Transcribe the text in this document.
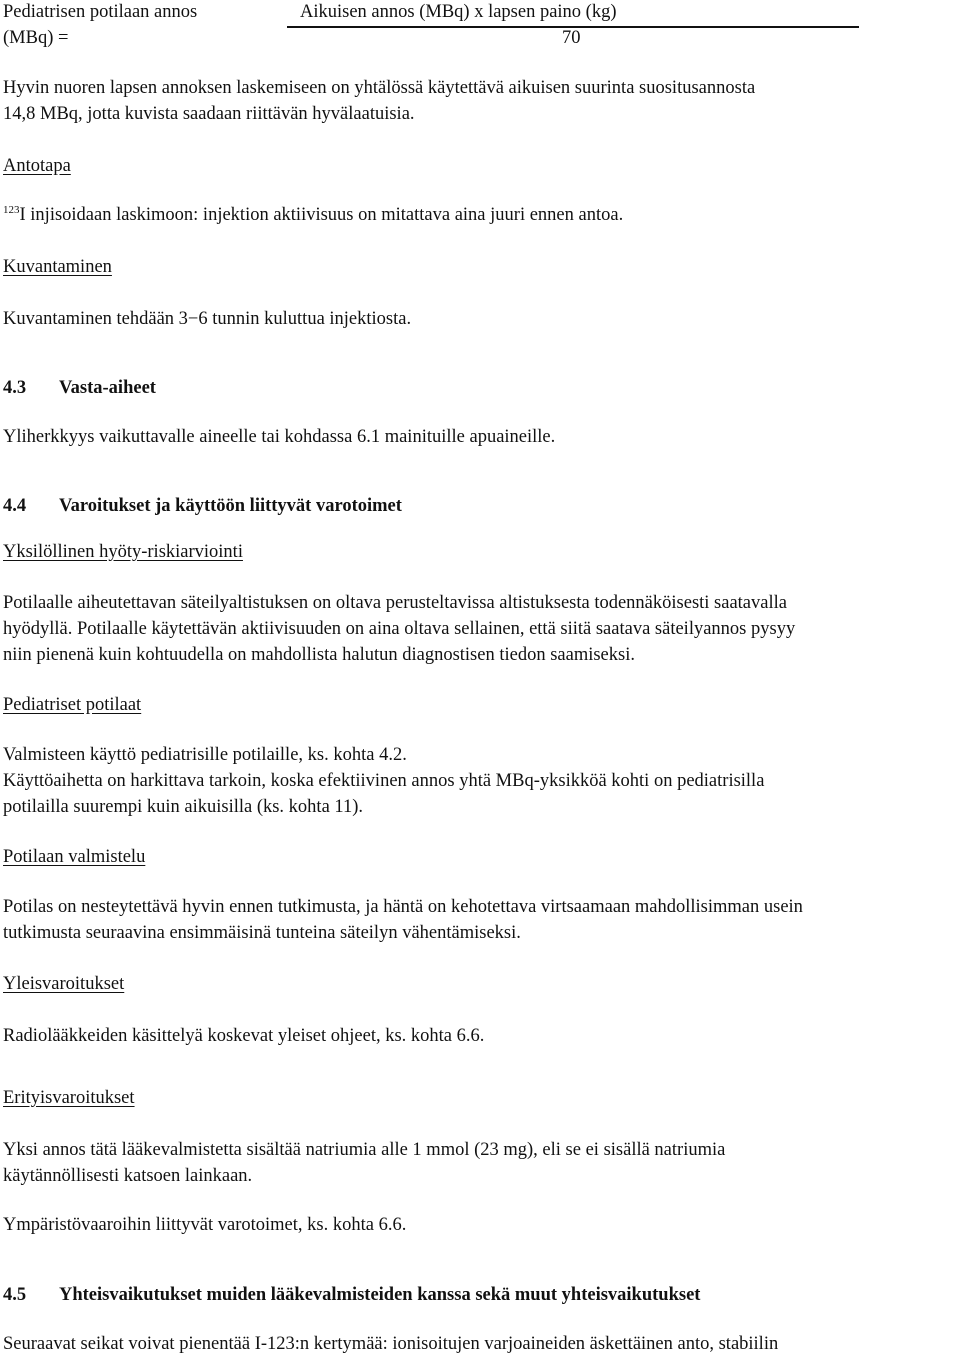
Pediatrisen potilaan annos
(MBq) =
Aikuisen annos (MBq) x lapsen paino (kg)
70
Hyvin nuoren lapsen annoksen laskemiseen on yhtälössä käytettävä aikuisen suurinta suositusannosta
14,8 MBq, jotta kuvista saadaan riittävän hyvälaatuisia.
Antotapa
$^{123}$I injisoidaan laskimoon: injektion aktiivisuus on mitattava aina juuri ennen antoa.
Kuvantaminen
Kuvantaminen tehdään 3−6 tunnin kuluttua injektiosta.
4.3 Vasta-aiheet
Yliherkkyys vaikuttavalle aineelle tai kohdassa 6.1 mainituille apuaineille.
4.4 Varoitukset ja käyttöön liittyvät varotoimet
Yksilöllinen hyöty-riskiarviointi
Potilaalle aiheutettavan säteilyaltistuksen on oltava perusteltavissa altistuksesta todennäköisesti saatavalla
hyödyllä. Potilaalle käytettävän aktiivisuuden on aina oltava sellainen, että siitä saatava säteilyannos pysyy
niin pienenä kuin kohtuudella on mahdollista halutun diagnostisen tiedon saamiseksi.
Pediatriset potilaat
Valmisteen käyttö pediatrisille potilaille, ks. kohta 4.2.
Käyttöaihetta on harkittava tarkoin, koska efektiivinen annos yhtä MBq-yksikköä kohti on pediatrisilla
potilailla suurempi kuin aikuisilla (ks. kohta 11).
Potilaan valmistelu
Potilas on nesteytettävä hyvin ennen tutkimusta, ja häntä on kehotettava virtsaamaan mahdollisimman usein
tutkimusta seuraavina ensimmäisinä tunteina säteilyn vähentämiseksi.
Yleisvaroitukset
Radiolääkkeiden käsittelyä koskevat yleiset ohjeet, ks. kohta 6.6.
Erityisvaroitukset
Yksi annos tätä lääkevalmistetta sisältää natriumia alle 1 mmol (23 mg), eli se ei sisällä natriumia
käytännöllisesti katsoen lainkaan.
Ympäristövaaroihin liittyvät varotoimet, ks. kohta 6.6.
4.5 Yhteisvaikutukset muiden lääkevalmisteiden kanssa sekä muut yhteisvaikutukset
Seuraavat seikat voivat pienentää I-123:n kertymää: ionisoitujen varjoaineiden äskettäinen anto, stabiilin
